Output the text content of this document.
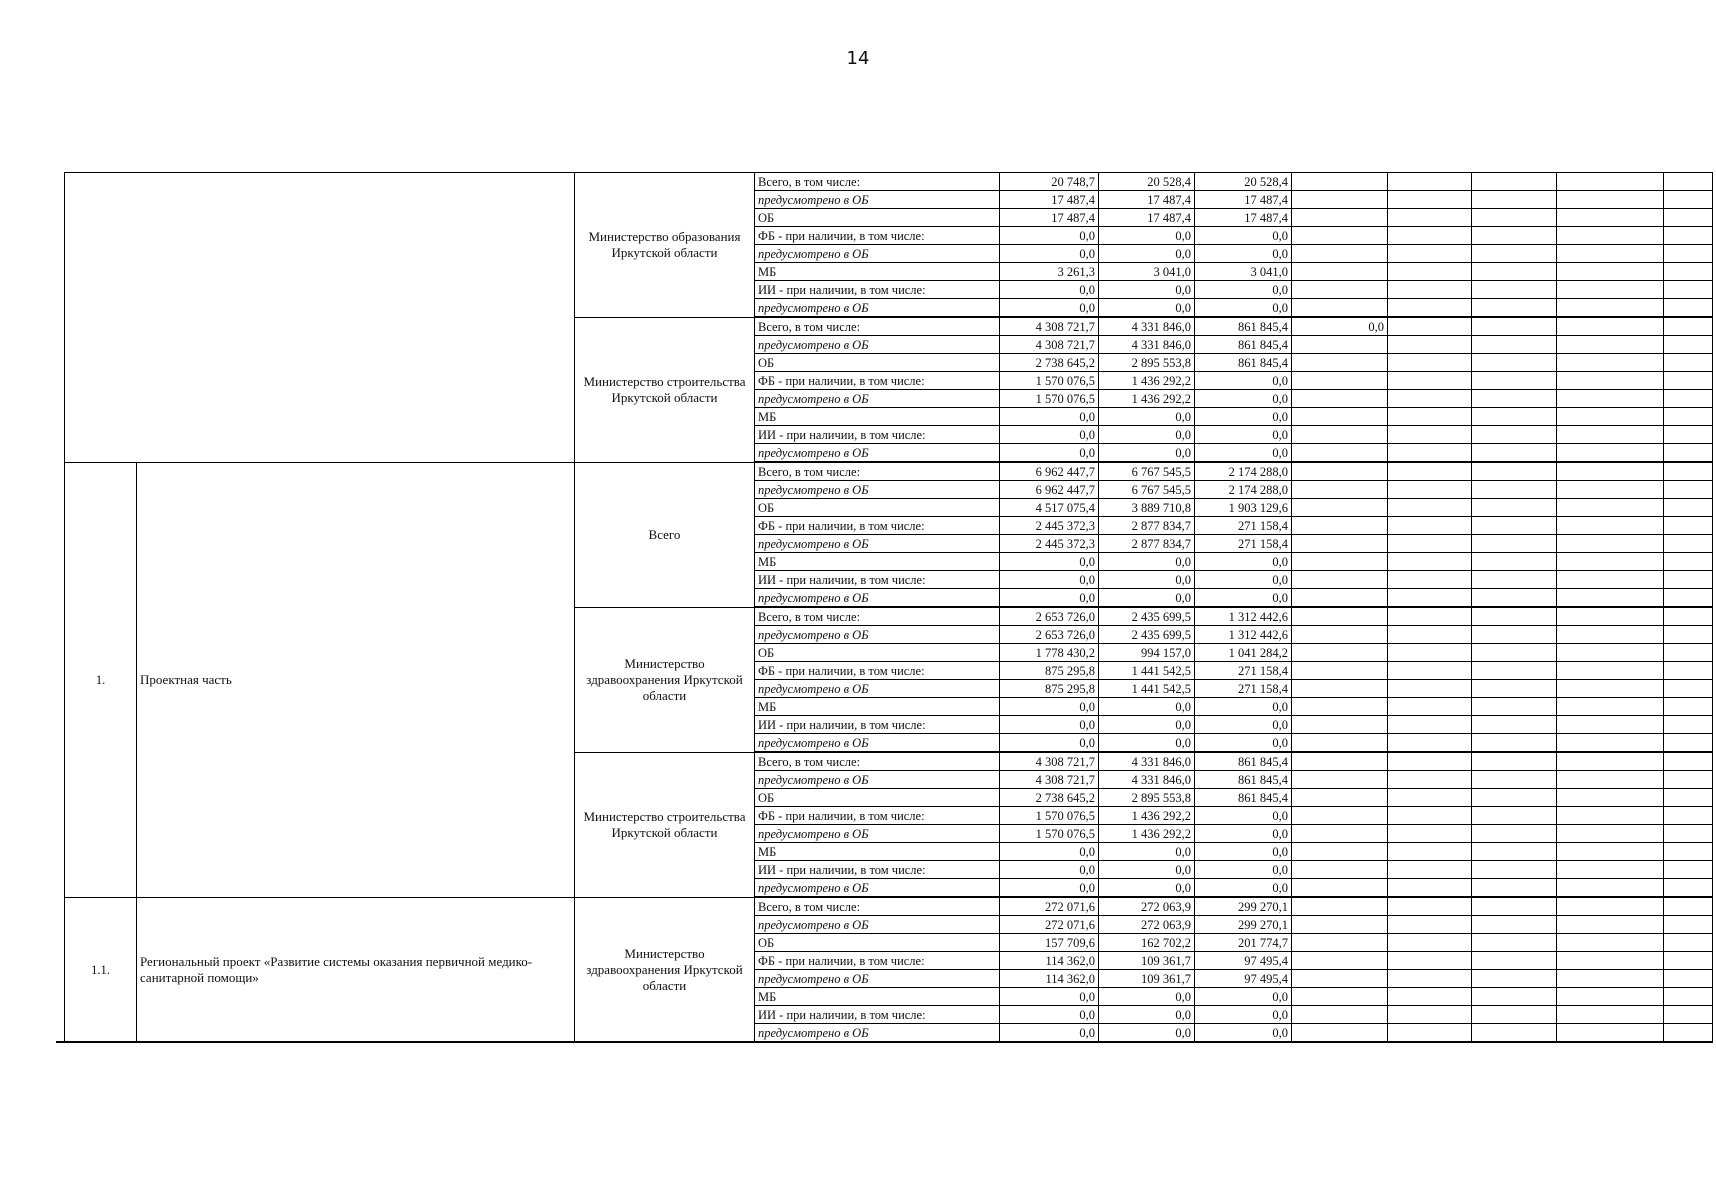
14
		Министерство образования Иркутской области	Всего, в том числе:	20 748,7	20 528,4	20 528,4					
			предусмотрено в ОБ	17 487,4	17 487,4	17 487,4					
			ОБ	17 487,4	17 487,4	17 487,4					
			ФБ - при наличии, в том числе:	0,0	0,0	0,0					
			предусмотрено в ОБ	0,0	0,0	0,0					
			МБ	3 261,3	3 041,0	3 041,0					
			ИИ - при наличии, в том числе:	0,0	0,0	0,0					
			предусмотрено в ОБ	0,0	0,0	0,0					
		Министерство строительства Иркутской области	Всего, в том числе:	4 308 721,7	4 331 846,0	861 845,4	0,0				
			предусмотрено в ОБ	4 308 721,7	4 331 846,0	861 845,4					
			ОБ	2 738 645,2	2 895 553,8	861 845,4					
			ФБ - при наличии, в том числе:	1 570 076,5	1 436 292,2	0,0					
			предусмотрено в ОБ	1 570 076,5	1 436 292,2	0,0					
			МБ	0,0	0,0	0,0					
			ИИ - при наличии, в том числе:	0,0	0,0	0,0					
			предусмотрено в ОБ	0,0	0,0	0,0					
1.	Проектная часть	Всего	Всего, в том числе:	6 962 447,7	6 767 545,5	2 174 288,0					
			предусмотрено в ОБ	6 962 447,7	6 767 545,5	2 174 288,0					
			ОБ	4 517 075,4	3 889 710,8	1 903 129,6					
			ФБ - при наличии, в том числе:	2 445 372,3	2 877 834,7	271 158,4					
			предусмотрено в ОБ	2 445 372,3	2 877 834,7	271 158,4					
			МБ	0,0	0,0	0,0					
			ИИ - при наличии, в том числе:	0,0	0,0	0,0					
			предусмотрено в ОБ	0,0	0,0	0,0					
		Министерство здравоохранения Иркутской области	Всего, в том числе:	2 653 726,0	2 435 699,5	1 312 442,6					
			предусмотрено в ОБ	2 653 726,0	2 435 699,5	1 312 442,6					
			ОБ	1 778 430,2	994 157,0	1 041 284,2					
			ФБ - при наличии, в том числе:	875 295,8	1 441 542,5	271 158,4					
			предусмотрено в ОБ	875 295,8	1 441 542,5	271 158,4					
			МБ	0,0	0,0	0,0					
			ИИ - при наличии, в том числе:	0,0	0,0	0,0					
			предусмотрено в ОБ	0,0	0,0	0,0					
		Министерство строительства Иркутской области	Всего, в том числе:	4 308 721,7	4 331 846,0	861 845,4					
			предусмотрено в ОБ	4 308 721,7	4 331 846,0	861 845,4					
			ОБ	2 738 645,2	2 895 553,8	861 845,4					
			ФБ - при наличии, в том числе:	1 570 076,5	1 436 292,2	0,0					
			предусмотрено в ОБ	1 570 076,5	1 436 292,2	0,0					
			МБ	0,0	0,0	0,0					
			ИИ - при наличии, в том числе:	0,0	0,0	0,0					
			предусмотрено в ОБ	0,0	0,0	0,0					
1.1.	Региональный проект «Развитие системы оказания первичной медико-санитарной помощи»	Министерство здравоохранения Иркутской области	Всего, в том числе:	272 071,6	272 063,9	299 270,1					
			предусмотрено в ОБ	272 071,6	272 063,9	299 270,1					
			ОБ	157 709,6	162 702,2	201 774,7					
			ФБ - при наличии, в том числе:	114 362,0	109 361,7	97 495,4					
			предусмотрено в ОБ	114 362,0	109 361,7	97 495,4					
			МБ	0,0	0,0	0,0					
			ИИ - при наличии, в том числе:	0,0	0,0	0,0					
			предусмотрено в ОБ	0,0	0,0	0,0					
